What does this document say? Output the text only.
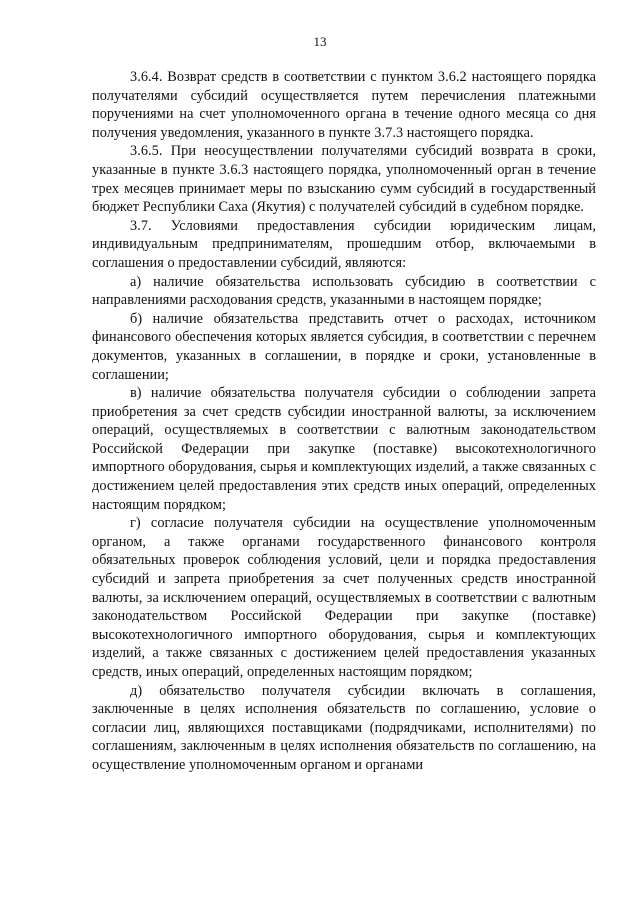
13

3.6.4. Возврат средств в соответствии с пунктом 3.6.2 настоящего порядка получателями субсидий осуществляется путем перечисления платежными поручениями на счет уполномоченного органа в течение одного месяца со дня получения уведомления, указанного в пункте 3.7.3 настоящего порядка.

3.6.5. При неосуществлении получателями субсидий возврата в сроки, указанные в пункте 3.6.3 настоящего порядка, уполномоченный орган в течение трех месяцев принимает меры по взысканию сумм субсидий в государственный бюджет Республики Саха (Якутия) с получателей субсидий в судебном порядке.

3.7. Условиями предоставления субсидии юридическим лицам, индивидуальным предпринимателям, прошедшим отбор, включаемыми в соглашения о предоставлении субсидий, являются:

а) наличие обязательства использовать субсидию в соответствии с направлениями расходования средств, указанными в настоящем порядке;

б) наличие обязательства представить отчет о расходах, источником финансового обеспечения которых является субсидия, в соответствии с перечнем документов, указанных в соглашении, в порядке и сроки, установленные в соглашении;

в) наличие обязательства получателя субсидии о соблюдении запрета приобретения за счет средств субсидии иностранной валюты, за исключением операций, осуществляемых в соответствии с валютным законодательством Российской Федерации при закупке (поставке) высокотехнологичного импортного оборудования, сырья и комплектующих изделий, а также связанных с достижением целей предоставления этих средств иных операций, определенных настоящим порядком;

г) согласие получателя субсидии на осуществление уполномоченным органом, а также органами государственного финансового контроля обязательных проверок соблюдения условий, цели и порядка предоставления субсидий и запрета приобретения за счет полученных средств иностранной валюты, за исключением операций, осуществляемых в соответствии с валютным законодательством Российской Федерации при закупке (поставке) высокотехнологичного импортного оборудования, сырья и комплектующих изделий, а также связанных с достижением целей предоставления указанных средств, иных операций, определенных настоящим порядком;

д) обязательство получателя субсидии включать в соглашения, заключенные в целях исполнения обязательств по соглашению, условие о согласии лиц, являющихся поставщиками (подрядчиками, исполнителями) по соглашениям, заключенным в целях исполнения обязательств по соглашению, на осуществление уполномоченным органом и органами
